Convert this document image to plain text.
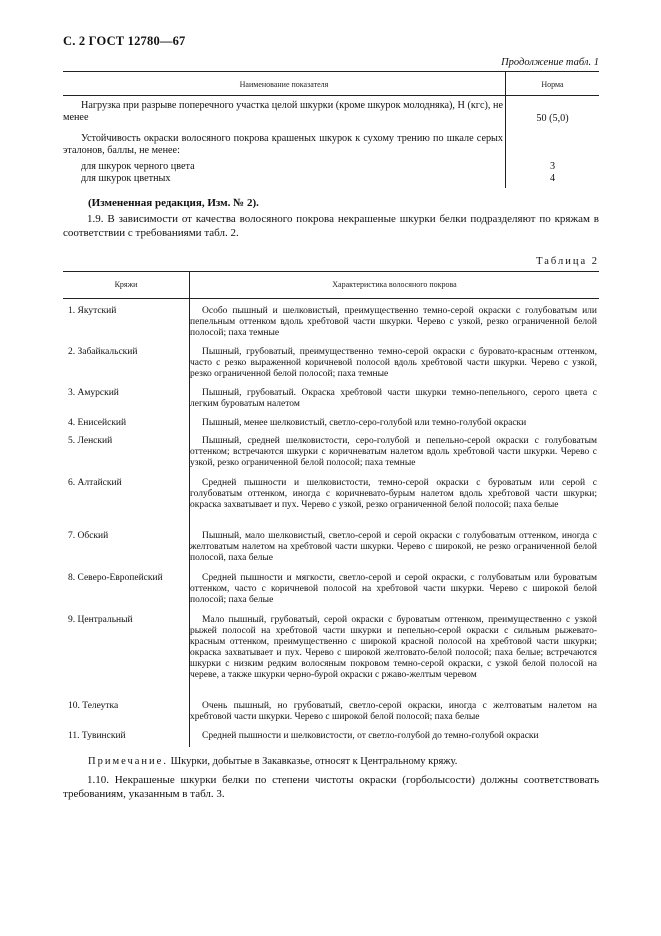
С. 2 ГОСТ 12780—67
Продолжение табл. 1
Наименование показателя	Норма
Нагрузка при разрыве поперечного участка целой шкурки (кроме шкурок молодняка), Н (кгс), не менее	50 (5,0)
Устойчивость окраски волосяного покрова крашеных шкурок к сухому трению по шкале серых эталонов, баллы, не менее:
для шкурок черного цвета	3
для шкурок цветных	4
(Измененная редакция, Изм. № 2).
1.9. В зависимости от качества волосяного покрова некрашеные шкурки белки подразделяют по кряжам в соответствии с требованиями табл. 2.
Таблица 2
Кряжи	Характеристика волосяного покрова
1. Якутский	Особо пышный и шелковистый, преимущественно темно-серой окраски с голубоватым или пепельным оттенком вдоль хребтовой части шкурки. Черево с узкой, резко ограниченной белой полосой; паха темные
2. Забайкальский	Пышный, грубоватый, преимущественно темно-серой окраски с буровато-красным оттенком, часто с резко выраженной коричневой полосой вдоль хребтовой части шкурки. Черево с узкой, резко ограниченной белой полосой; паха темные
3. Амурский	Пышный, грубоватый. Окраска хребтовой части шкурки темно-пепельного, серого цвета с легким буроватым налетом
4. Енисейский	Пышный, менее шелковистый, светло-серо-голубой или темно-голубой окраски
5. Ленский	Пышный, средней шелковистости, серо-голубой и пепельно-серой окраски с голубоватым оттенком; встречаются шкурки с коричневатым налетом вдоль хребтовой части шкурки. Черево с узкой, резко ограниченной белой полосой; паха темные
6. Алтайский	Средней пышности и шелковистости, темно-серой окраски с буроватым или серой с голубоватым оттенком, иногда с коричневато-бурым налетом вдоль хребтовой части шкурки; окраска захватывает и пух. Черево с узкой, резко ограниченной белой полосой; паха белые
7. Обский	Пышный, мало шелковистый, светло-серой и серой окраски с голубоватым оттенком, иногда с желтоватым налетом на хребтовой части шкурки. Черево с широкой, не резко ограниченной белой полосой, паха белые
8. Северо-Европейский	Средней пышности и мягкости, светло-серой и серой окраски, с голубоватым или буроватым оттенком, часто с коричневой полосой на хребтовой части шкурки. Черево с широкой белой полосой; паха белые
9. Центральный	Мало пышный, грубоватый, серой окраски с буроватым оттенком, преимущественно с узкой рыжей полосой на хребтовой части шкурки и пепельно-серой окраски с сильным рыжевато-красным оттенком, преимущественно с широкой красной полосой на хребтовой части шкурки; окраска захватывает и пух. Черево с широкой желтовато-белой полосой; паха белые; встречаются шкурки с низким редким волосяным покровом темно-серой окраски, с узкой белой полосой на череве, а также шкурки черно-бурой окраски с ржаво-желтым черевом
10. Телеутка	Очень пышный, но грубоватый, светло-серой окраски, иногда с желтоватым налетом на хребтовой части шкурки. Черево с широкой белой полосой; паха белые
11. Тувинский	Средней пышности и шелковистости, от светло-голубой до темно-голубой окраски
Примечание. Шкурки, добытые в Закавказье, относят к Центральному кряжу.
1.10. Некрашеные шкурки белки по степени чистоты окраски (горболысости) должны соответствовать требованиям, указанным в табл. 3.
